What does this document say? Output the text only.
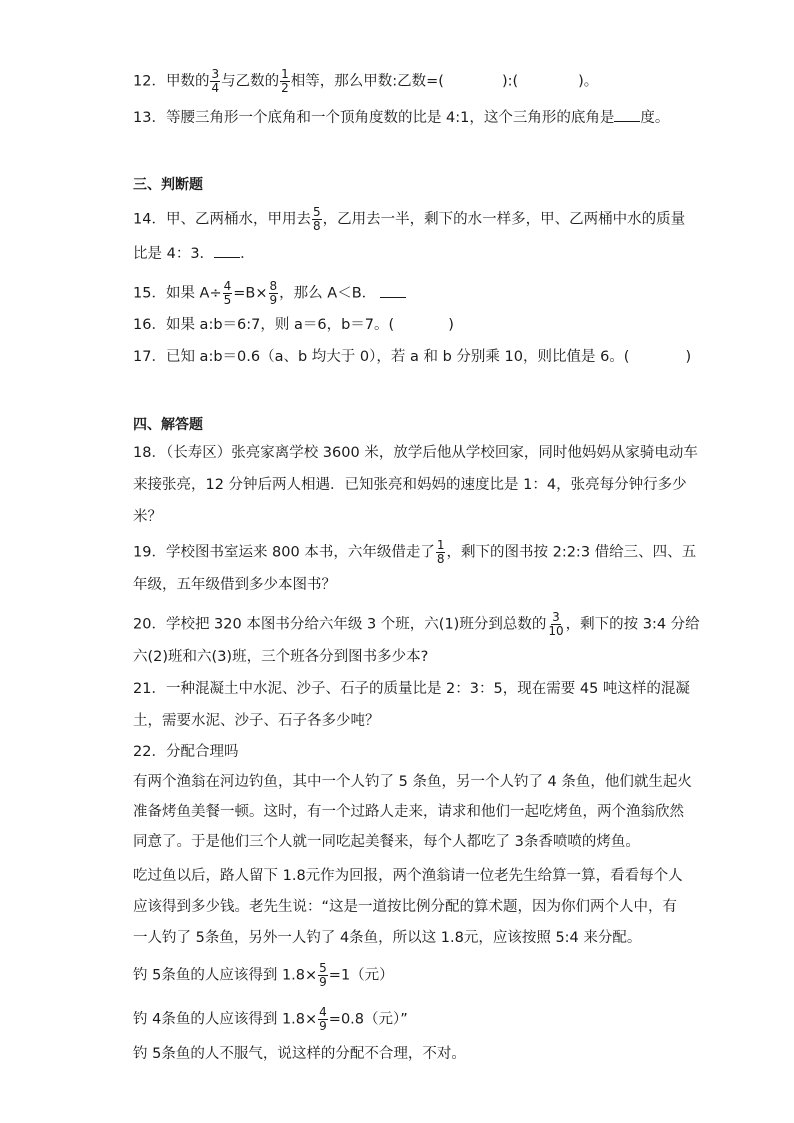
12．甲数的 $\frac{3}{4}$ 与乙数的 $\frac{1}{2}$ 相等，那么甲数:乙数=(	):(	)。
13．等腰三角形一个底角和一个顶角度数的比是 4:1，这个三角形的底角是 度。
三、判断题
14．甲、乙两桶水，甲用去 $\frac{5}{8}$ ，乙用去一半，剩下的水一样多，甲、乙两桶中水的质量
比是 4：3． ．
15．如果 $A\div \frac{4}{5} =B\times \frac{8}{9}$ ，那么 A＜B．
16．如果 a:b＝6:7，则 a＝6，b＝7。(	)
17．已知 a:b＝0.6（a、b 均大于 0），若 a 和 b 分别乘 10，则比值是 6。(	)
四、解答题
18．（长寿区）张亮家离学校 3600 米，放学后他从学校回家，同时他妈妈从家骑电动车
来接张亮，12 分钟后两人相遇．已知张亮和妈妈的速度比是 1：4，张亮每分钟行多少
米？
19．学校图书室运来 800 本书，六年级借走了 $\frac{1}{8}$ ，剩下的图书按 2:2:3 借给三、四、五
年级，五年级借到多少本图书？
20．学校把 320 本图书分给六年级 3 个班，六(1)班分到总数的 $\frac{3}{10}$ ，剩下的按 3:4 分给
六(2)班和六(3)班，三个班各分到图书多少本?
21．一种混凝土中水泥、沙子、石子的质量比是 2：3：5，现在需要 45 吨这样的混凝
土，需要水泥、沙子、石子各多少吨？
22．分配合理吗
有两个渔翁在河边钓鱼，其中一个人钓了 5 条鱼，另一个人钓了 4 条鱼，他们就生起火
准备烤鱼美餐一顿。这时，有一个过路人走来，请求和他们一起吃烤鱼，两个渔翁欣然
同意了。于是他们三个人就一同吃起美餐来，每个人都吃了 3条香喷喷的烤鱼。
吃过鱼以后，路人留下 1.8元作为回报，两个渔翁请一位老先生给算一算，看看每个人
应该得到多少钱。老先生说：“这是一道按比例分配的算术题，因为你们两个人中，有
一人钓了 5条鱼，另外一人钓了 4条鱼，所以这 1.8元，应该按照 5:4 来分配。
钓 5条鱼的人应该得到 $1.8\times \frac{5}{9} =1$（元）
钓 4条鱼的人应该得到 $1.8\times \frac{4}{9} =0.8$（元）”
钓 5条鱼的人不服气，说这样的分配不合理，不对。
